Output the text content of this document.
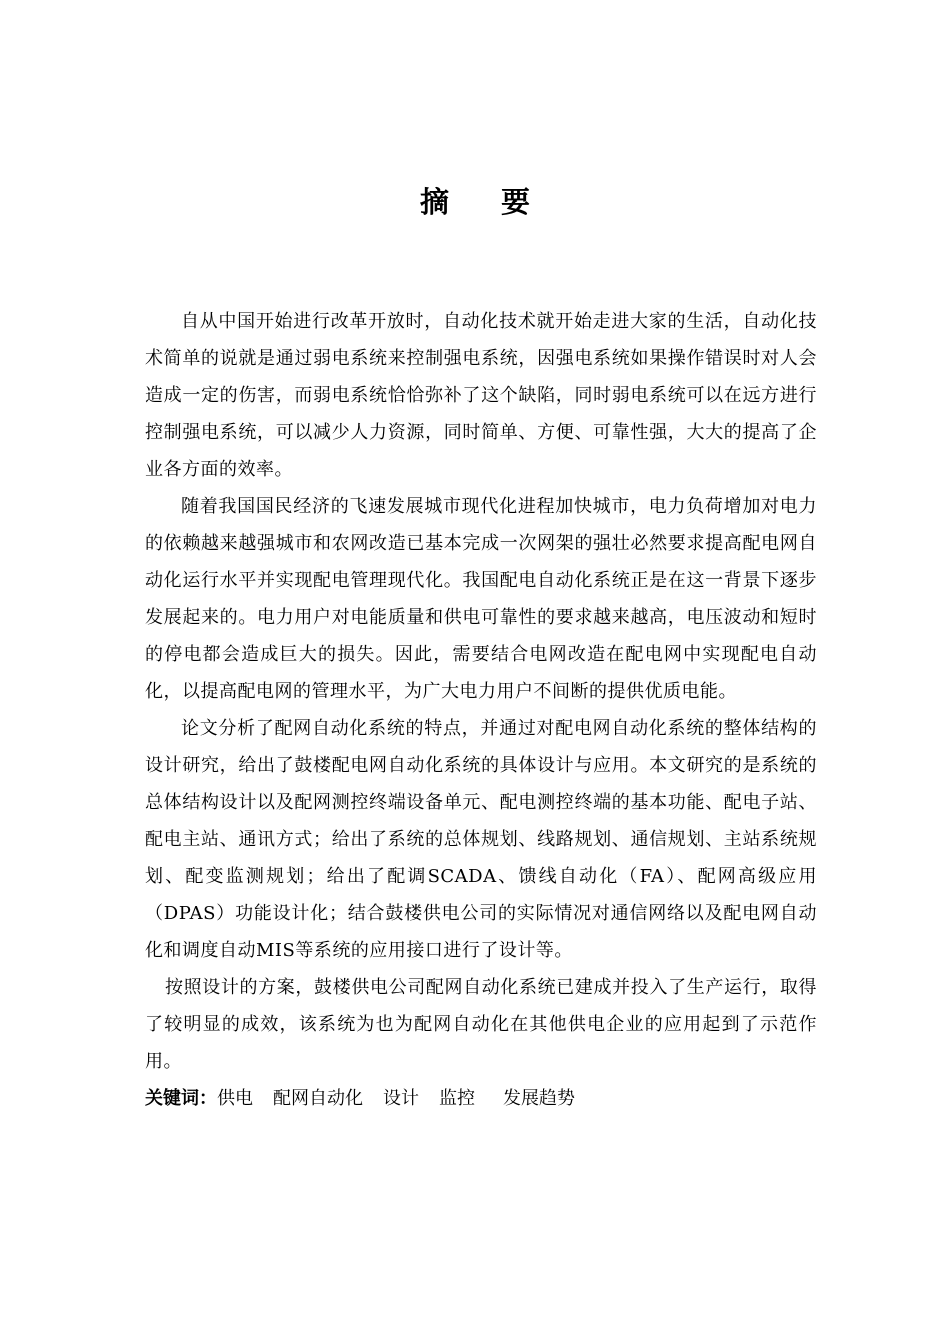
摘 要

自从中国开始进行改革开放时，自动化技术就开始走进大家的生活，自动化技术简单的说就是通过弱电系统来控制强电系统，因强电系统如果操作错误时对人会造成一定的伤害，而弱电系统恰恰弥补了这个缺陷，同时弱电系统可以在远方进行控制强电系统，可以减少人力资源，同时简单、方便、可靠性强，大大的提高了企业各方面的效率。

随着我国国民经济的飞速发展城市现代化进程加快城市，电力负荷增加对电力的依赖越来越强城市和农网改造已基本完成一次网架的强壮必然要求提高配电网自动化运行水平并实现配电管理现代化。我国配电自动化系统正是在这一背景下逐步发展起来的。电力用户对电能质量和供电可靠性的要求越来越高，电压波动和短时的停电都会造成巨大的损失。因此，需要结合电网改造在配电网中实现配电自动化，以提高配电网的管理水平，为广大电力用户不间断的提供优质电能。

论文分析了配网自动化系统的特点，并通过对配电网自动化系统的整体结构的设计研究，给出了鼓楼配电网自动化系统的具体设计与应用。本文研究的是系统的总体结构设计以及配网测控终端设备单元、配电测控终端的基本功能、配电子站、配电主站、通讯方式；给出了系统的总体规划、线路规划、通信规划、主站系统规划、配变监测规划；给出了配调SCADA、馈线自动化（FA）、配网高级应用（DPAS）功能设计化；结合鼓楼供电公司的实际情况对通信网络以及配电网自动化和调度自动MIS等系统的应用接口进行了设计等。

按照设计的方案，鼓楼供电公司配网自动化系统已建成并投入了生产运行，取得了较明显的成效，该系统为也为配网自动化在其他供电企业的应用起到了示范作用。

关键词：供电 配网自动化 设计 监控 发展趋势
